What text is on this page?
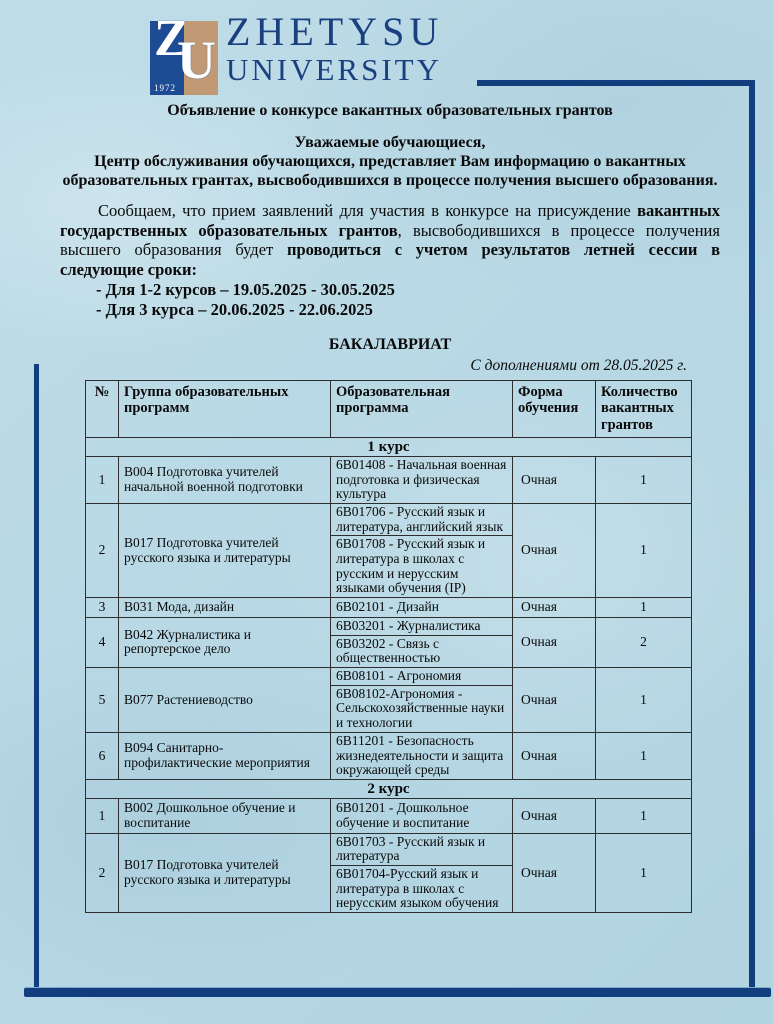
Z
U
1972
ZHETYSU
UNIVERSITY
Объявление о конкурсе вакантных образовательных грантов

Уважаемые обучающиеся,

Центр обслуживания обучающихся, представляет Вам информацию о вакантных образовательных грантах, высвободившихся в процессе получения высшего образования.

Сообщаем, что прием заявлений для участия в конкурсе на присуждение вакантных государственных образовательных грантов, высвободившихся в процессе получения высшего образования будет проводиться с учетом результатов летней сессии в следующие сроки:

- Для 1-2 курсов – 19.05.2025 - 30.05.2025
- Для 3 курса – 20.06.2025 - 22.06.2025
БАКАЛАВРИАТ

С дополнениями от 28.05.2025 г.

№	Группа образовательных программ	Образовательная программа	Форма обучения	Количество вакантных грантов
1 курс				
1	В004 Подготовка учителей начальной военной подготовки	6В01408 - Начальная военная подготовка и физическая культура	Очная	1
2	В017 Подготовка учителей русского языка и литературы	6В01706 - Русский язык и литература, английский язык	Очная	1
		6В01708 - Русский язык и литература в школах с русским и нерусским языками обучения (IP)		
3	В031 Мода, дизайн	6В02101 - Дизайн	Очная	1
4	В042 Журналистика и репортерское дело	6В03201 - Журналистика	Очная	2
		6В03202 - Связь с общественностью		
5	В077 Растениеводство	6В08101 - Агрономия	Очная	1
		6В08102-Агрономия - Сельскохозяйственные науки и технологии		
6	В094 Санитарно-профилактические мероприятия	6В11201 - Безопасность жизнедеятельности и защита окружающей среды	Очная	1
2 курс				
1	В002 Дошкольное обучение и воспитание	6В01201 - Дошкольное обучение и воспитание	Очная	1
2	В017 Подготовка учителей русского языка и литературы	6В01703 - Русский язык и литература	Очная	1
		6В01704-Русский язык и литература в школах с нерусским языком обучения		
